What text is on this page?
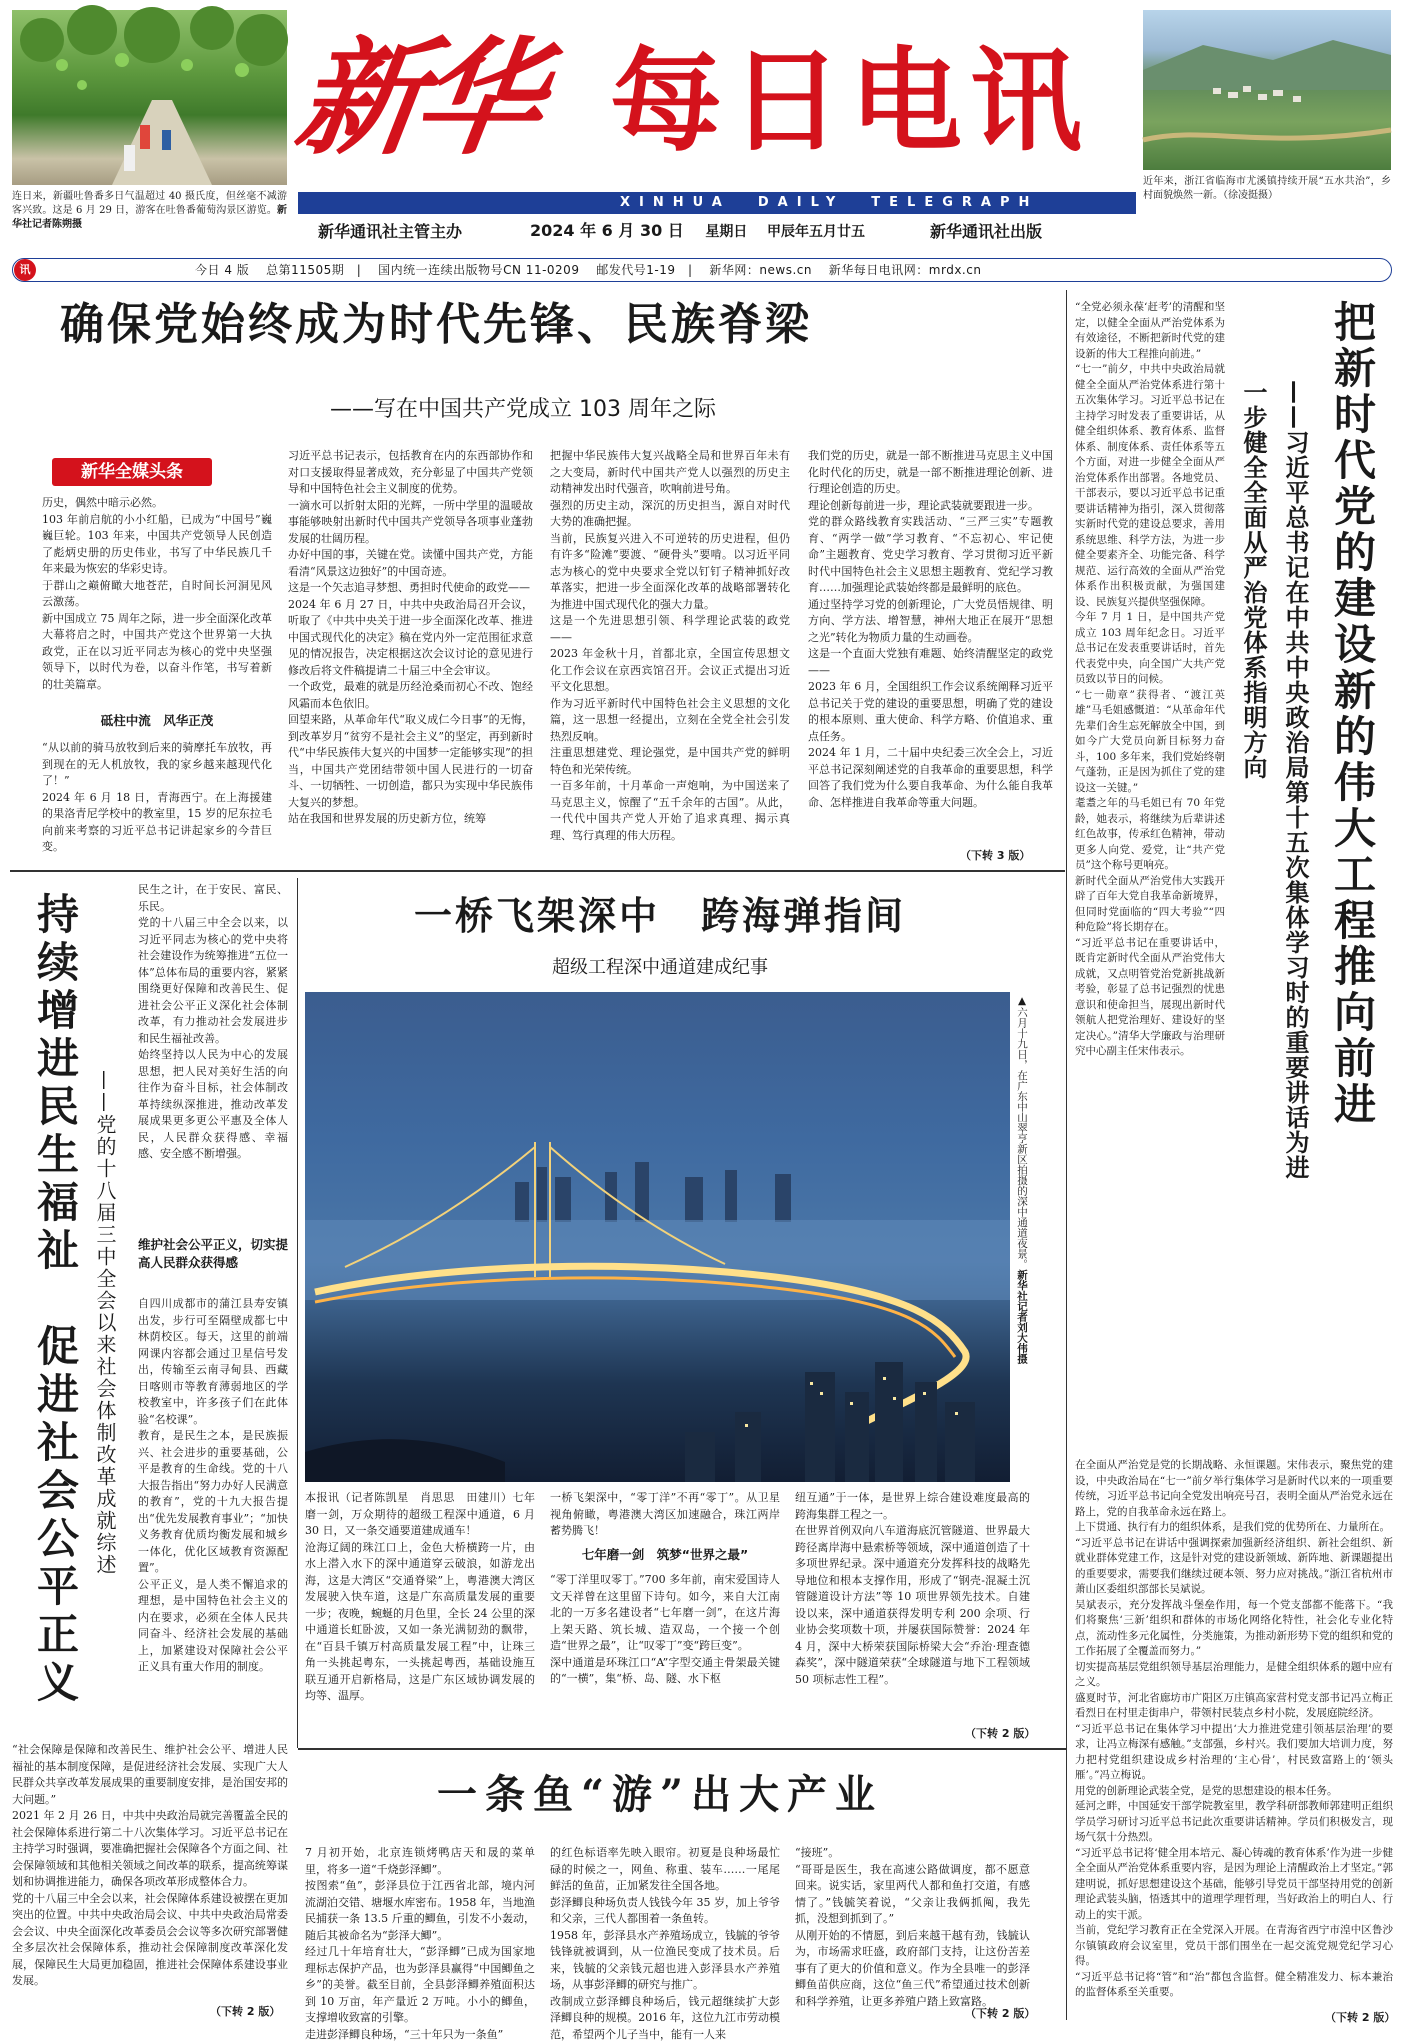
连日来，新疆吐鲁番多日气温超过 40 摄氏度，但丝毫不减游客兴致。这是 6 月 29 日，游客在吐鲁番葡萄沟景区游览。新华社记者陈朔摄
近年来，浙江省临海市尤溪镇持续开展“五水共治”，乡村面貌焕然一新。（徐凌挺摄）
新华 每日电讯
XINHUA  DAILY  TELEGRAPH
新华通讯社主管主办	2024 年 6 月 30 日 星期日 甲辰年五月廿五	新华通讯社出版
讯	今日 4 版　 总第11505期　|　 国内统一连续出版物号CN 11-0209　 邮发代号1-19　|　 新华网：news.cn　 新华每日电讯网：mrdx.cn
确保党始终成为时代先锋、民族脊梁
——写在中国共产党成立 103 周年之际
新华全媒头条
历史，偶然中暗示必然。
103 年前启航的小小红船，已成为“中国号”巍巍巨轮。103 年来，中国共产党领导人民创造了彪炳史册的历史伟业，书写了中华民族几千年来最为恢宏的华彩史诗。
于群山之巅俯瞰大地苍茫，自时间长河洞见风云激荡。
新中国成立 75 周年之际，进一步全面深化改革大幕将启之时，中国共产党这个世界第一大执政党，正在以习近平同志为核心的党中央坚强领导下，以时代为卷，以奋斗作笔，书写着新的壮美篇章。
砥柱中流　风华正茂
“从以前的骑马放牧到后来的骑摩托车放牧，再到现在的无人机放牧，我的家乡越来越现代化了！”
2024 年 6 月 18 日，青海西宁。在上海援建的果洛青尼学校中的教室里，15 岁的尼东拉毛向前来考察的习近平总书记讲起家乡的今昔巨变。
习近平总书记表示，包括教育在内的东西部协作和对口支援取得显著成效，充分彰显了中国共产党领导和中国特色社会主义制度的优势。
一滴水可以折射太阳的光辉，一所中学里的温暖故事能够映射出新时代中国共产党领导各项事业蓬勃发展的壮阔历程。
办好中国的事，关键在党。读懂中国共产党，方能看清“风景这边独好”的中国奇迹。
这是一个矢志追寻梦想、勇担时代使命的政党——
2024 年 6 月 27 日，中共中央政治局召开会议，听取了《中共中央关于进一步全面深化改革、推进中国式现代化的决定》稿在党内外一定范围征求意见的情况报告，决定根据这次会议讨论的意见进行修改后将文件稿提请二十届三中全会审议。
一个政党，最难的就是历经沧桑而初心不改、饱经风霜而本色依旧。
回望来路，从革命年代“取义成仁今日事”的无悔，到改革岁月“贫穷不是社会主义”的坚定，再到新时代“中华民族伟大复兴的中国梦一定能够实现”的担当，中国共产党团结带领中国人民进行的一切奋斗、一切牺牲、一切创造，都只为实现中华民族伟大复兴的梦想。
站在我国和世界发展的历史新方位，统筹
把握中华民族伟大复兴战略全局和世界百年未有之大变局，新时代中国共产党人以强烈的历史主动精神发出时代强音，吹响前进号角。
强烈的历史主动，深沉的历史担当，源自对时代大势的准确把握。
当前，民族复兴进入不可逆转的历史进程，但仍有许多“险滩”要渡、“硬骨头”要啃。以习近平同志为核心的党中央要求全党以钉钉子精神抓好改革落实，把进一步全面深化改革的战略部署转化为推进中国式现代化的强大力量。
这是一个先进思想引领、科学理论武装的政党——
2023 年金秋十月，首都北京，全国宣传思想文化工作会议在京西宾馆召开。会议正式提出习近平文化思想。
作为习近平新时代中国特色社会主义思想的文化篇，这一思想一经提出，立刻在全党全社会引发热烈反响。
注重思想建党、理论强党，是中国共产党的鲜明特色和光荣传统。
一百多年前，十月革命一声炮响，为中国送来了马克思主义，惊醒了“五千余年的古国”。从此，一代代中国共产党人开始了追求真理、揭示真理、笃行真理的伟大历程。
我们党的历史，就是一部不断推进马克思主义中国化时代化的历史，就是一部不断推进理论创新、进行理论创造的历史。
理论创新每前进一步，理论武装就要跟进一步。
党的群众路线教育实践活动、“三严三实”专题教育、“两学一做”学习教育、“不忘初心、牢记使命”主题教育、党史学习教育、学习贯彻习近平新时代中国特色社会主义思想主题教育、党纪学习教育……加强理论武装始终都是最鲜明的底色。
通过坚持学习党的创新理论，广大党员悟规律、明方向、学方法、增智慧，神州大地正在展开“思想之光”转化为物质力量的生动画卷。
这是一个直面大党独有难题、始终清醒坚定的政党——
2023 年 6 月，全国组织工作会议系统阐释习近平总书记关于党的建设的重要思想，明确了党的建设的根本原则、重大使命、科学方略、价值追求、重点任务。
2024 年 1 月，二十届中央纪委三次全会上，习近平总书记深刻阐述党的自我革命的重要思想，科学回答了我们党为什么要自我革命、为什么能自我革命、怎样推进自我革命等重大问题。
（下转 3 版）
持续增进民生福祉　促进社会公平正义 ——党的十八届三中全会以来社会体制改革成就综述
民生之计，在于安民、富民、乐民。
党的十八届三中全会以来，以习近平同志为核心的党中央将社会建设作为统筹推进“五位一体”总体布局的重要内容，紧紧围绕更好保障和改善民生、促进社会公平正义深化社会体制改革，有力推动社会发展进步和民生福祉改善。
始终坚持以人民为中心的发展思想，把人民对美好生活的向往作为奋斗目标，社会体制改革持续纵深推进，推动改革发展成果更多更公平惠及全体人民，人民群众获得感、幸福感、安全感不断增强。
维护社会公平正义，切实提高人民群众获得感
自四川成都市的蒲江县寿安镇出发，步行可至隔壁成都七中林荫校区。每天，这里的前端网课内容都会通过卫星信号发出，传输至云南寻甸县、西藏日喀则市等教育薄弱地区的学校教室中，许多孩子们在此体验“名校课”。
教育，是民生之本，是民族振兴、社会进步的重要基础，公平是教育的生命线。党的十八大报告指出“努力办好人民满意的教育”，党的十九大报告提出“优先发展教育事业”；“加快义务教育优质均衡发展和城乡一体化，优化区域教育资源配置”。
公平正义，是人类不懈追求的理想，是中国特色社会主义的内在要求，必须在全体人民共同奋斗、经济社会发展的基础上，加紧建设对保障社会公平正义具有重大作用的制度。
“社会保障是保障和改善民生、维护社会公平、增进人民福祉的基本制度保障，是促进经济社会发展、实现广大人民群众共享改革发展成果的重要制度安排，是治国安邦的大问题。”
2021 年 2 月 26 日，中共中央政治局就完善覆盖全民的社会保障体系进行第二十八次集体学习。习近平总书记在主持学习时强调，要准确把握社会保障各个方面之间、社会保障领域和其他相关领域之间改革的联系，提高统筹谋划和协调推进能力，确保各项改革形成整体合力。
党的十八届三中全会以来，社会保障体系建设被摆在更加突出的位置。中共中央政治局会议、中共中央政治局常委会会议、中央全面深化改革委员会会议等多次研究部署健全多层次社会保障体系，推动社会保障制度改革深化发展，保障民生大局更加稳固，推进社会保障体系建设事业发展。
（下转 2 版）
一桥飞架深中　跨海弹指间
超级工程深中通道建成纪事
▲六月十九日，在广东中山翠亨新区拍摄的深中通道夜景。新华社记者刘大伟摄
本报讯（记者陈凯星　肖思思　田建川）七年磨一剑，万众期待的超级工程深中通道，6 月 30 日，又一条交通要道建成通车！
沧海辽阔的珠江口上，金色大桥横跨一片，由水上潜入水下的深中通道穿云破浪，如游龙出海，这是大湾区“交通脊梁”上，粤港澳大湾区发展驶入快车道，这是广东高质量发展的重要一步；夜晚，蜿蜒的月色里，全长 24 公里的深中通道长虹卧波，又如一条光满韧劲的飘带，在“百县千镇万村高质量发展工程”中，让珠三角一头挑起粤东，一头挑起粤西，基础设施互联互通开启新格局，这是广东区域协调发展的均等、温厚。
一桥飞架深中，“零丁洋”不再“零丁”。从卫星视角俯瞰，粤港澳大湾区加速融合，珠江两岸蓄势腾飞！
七年磨一剑　筑梦“世界之最”
“零丁洋里叹零丁。”700 多年前，南宋爱国诗人文天祥曾在这里留下诗句。如今，来自大江南北的一万多名建设者“七年磨一剑”，在这片海上架天路、筑长城、造双岛，一个接一个创造“世界之最”，让“叹零丁”变“跨巨变”。
深中通道是环珠江口“A”字型交通主骨架最关键的“一横”，集“桥、岛、隧、水下枢
纽互通”于一体，是世界上综合建设难度最高的跨海集群工程之一。
在世界首例双向八车道海底沉管隧道、世界最大跨径离岸海中悬索桥等领域，深中通道创造了十多项世界纪录。深中通道充分发挥科技的战略先导地位和根本支撑作用，形成了“钢壳-混凝土沉管隧道设计方法”等 10 项世界领先技术。自建设以来，深中通道获得发明专利 200 余项、行业协会奖项数十项，并屡获国际赞誉：2024 年 4 月，深中大桥荣获国际桥梁大会“乔治·理查德森奖”，深中隧道荣获“全球隧道与地下工程领域 50 项标志性工程”。
（下转 2 版）
一条鱼“游”出大产业
7 月初开始，北京连锁烤鸭店天和晟的菜单里，将多一道“千烧彭泽鲫”。
按图索“鱼”，彭泽县位于江西省北部，境内河流湖泊交错、塘堰水库密布。1958 年，当地渔民捕获一条 13.5 斤重的鲫鱼，引发不小轰动，随后其被命名为“彭泽大鲫”。
经过几十年培育壮大，“彭泽鲫”已成为国家地理标志保护产品，也为彭泽县赢得“中国鲫鱼之乡”的美誉。截至目前，全县彭泽鲫养殖面积达到 10 万亩，年产量近 2 万吨。小小的鲫鱼，支撑增收致富的引擎。
走进彭泽鲫良种场，“三十年只为一条鱼”
的红色标语率先映入眼帘。初夏是良种场最忙碌的时候之一，网鱼、称重、装车……一尾尾鲜活的鱼苗，正加紧发往全国各地。
彭泽鲫良种场负责人钱钱今年 35 岁，加上爷爷和父亲，三代人都围着一条鱼转。
1958 年，彭泽县水产养殖场成立，钱毓的爷爷钱锋就被调到，从一位渔民变成了技术员。后来，钱毓的父亲钱元超也进入彭泽县水产养殖场，从事彭泽鲫的研究与推广。
改制成立彭泽鲫良种场后，钱元超继续扩大彭泽鲫良种的规模。2016 年，这位九江市劳动模范，希望两个儿子当中，能有一人来
“接班”。
“哥哥是医生，我在高速公路做调度，都不愿意回来。说实话，家里两代人都和鱼打交道，有感情了。”钱毓笑着说，“父亲让我俩抓阄，我先抓，没想到抓到了。”
从刚开始的不情愿，到后来越干越有劲，钱毓认为，市场需求旺盛，政府部门支持，让这份苦差事有了更大的价值和意义。作为全县唯一的彭泽鲫鱼苗供应商，这位“鱼三代”希望通过技术创新和科学养殖，让更多养殖户踏上致富路。
（下转 2 版）
“全党必须永葆‘赶考’的清醒和坚定，以健全全面从严治党体系为有效途径，不断把新时代党的建设新的伟大工程推向前进。”
“七一”前夕，中共中央政治局就健全全面从严治党体系进行第十五次集体学习。习近平总书记在主持学习时发表了重要讲话，从健全组织体系、教育体系、监督体系、制度体系、责任体系等五个方面，对进一步健全全面从严治党体系作出部署。各地党员、干部表示，要以习近平总书记重要讲话精神为指引，深入贯彻落实新时代党的建设总要求，善用系统思维、科学方法，为进一步健全要素齐全、功能完备、科学规范、运行高效的全面从严治党体系作出积极贡献，为强国建设、民族复兴提供坚强保障。
今年 7 月 1 日，是中国共产党成立 103 周年纪念日。习近平总书记在发表重要讲话时，首先代表党中央，向全国广大共产党员致以节日的问候。
“七一勋章”获得者、“渡江英雄”马毛姐感慨道：“从革命年代先辈们舍生忘死解放全中国，到如今广大党员向新目标努力奋斗，100 多年来，我们党始终朝气蓬勃，正是因为抓住了党的建设这一关键。”
耄耋之年的马毛姐已有 70 年党龄，她表示，将继续为后辈讲述红色故事，传承红色精神，带动更多人向党、爱党，让“共产党员”这个称号更响亮。
新时代全面从严治党伟大实践开辟了百年大党自我革命新境界，但同时党面临的“四大考验”“四种危险”将长期存在。
“习近平总书记在重要讲话中，既肯定新时代全面从严治党伟大成就，又点明管党治党新挑战新考验，彰显了总书记强烈的忧患意识和使命担当，展现出新时代领航人把党治理好、建设好的坚定决心。”清华大学廉政与治理研究中心副主任宋伟表示。	把新时代党的建设新的伟大工程推向前进
——习近平总书记在中共中央政治局第十五次集体学习时的重要讲话为进一步健全全面从严治党体系指明方向
在全面从严治党是党的长期战略、永恒课题。宋伟表示，聚焦党的建设，中央政治局在“七一”前夕举行集体学习是新时代以来的一项重要传统，习近平总书记向全党发出响亮号召，表明全面从严治党永远在路上，党的自我革命永远在路上。
上下贯通、执行有力的组织体系，是我们党的优势所在、力量所在。
“习近平总书记在讲话中强调探索加强新经济组织、新社会组织、新就业群体党建工作，这是针对党的建设新领域、新阵地、新课题提出的重要要求，需要我们继续过硬本领、努力应对挑战。”浙江省杭州市萧山区委组织部部长吴斌说。
吴斌表示，充分发挥战斗堡垒作用，每一个党支部都不能落下。“我们将聚焦‘三新’组织和群体的市场化网络化特性，社会化专业化特点，流动性多元化属性，分类施策，为推动新形势下党的组织和党的工作拓展了全覆盖而努力。”
切实提高基层党组织领导基层治理能力，是健全组织体系的题中应有之义。
盛夏时节，河北省廊坊市广阳区万庄镇高家营村党支部书记冯立梅正看烈日在村里走街串户，带领村民装点乡村小院，发展庭院经济。
“习近平总书记在集体学习中提出‘大力推进党建引领基层治理’的要求，让冯立梅深有感触。”支部强，乡村兴。我们要加大培训力度，努力把村党组织建设成乡村治理的‘主心骨’，村民致富路上的‘领头雁’。”冯立梅说。
用党的创新理论武装全党，是党的思想建设的根本任务。
延河之畔，中国延安干部学院教室里，教学科研部教师郭建明正组织学员学习研讨习近平总书记此次重要讲话精神。学员们积极发言，现场气氛十分热烈。
“习近平总书记将‘健全用本培元、凝心铸魂的教育体系’作为进一步健全全面从严治党体系重要内容，是因为理论上清醒政治上才坚定。”郭建明说，抓好思想建设这个基础，能够引导党员干部坚持用党的创新理论武装头脑，悟透其中的道理学理哲理，当好政治上的明白人、行动上的实干派。
当前，党纪学习教育正在全党深入开展。在青海省西宁市湟中区鲁沙尔镇镇政府会议室里，党员干部们围坐在一起交流党规党纪学习心得。
“习近平总书记将“管”和“治”都包含监督。健全精准发力、标本兼治的监督体系至关重要。
（下转 2 版）
